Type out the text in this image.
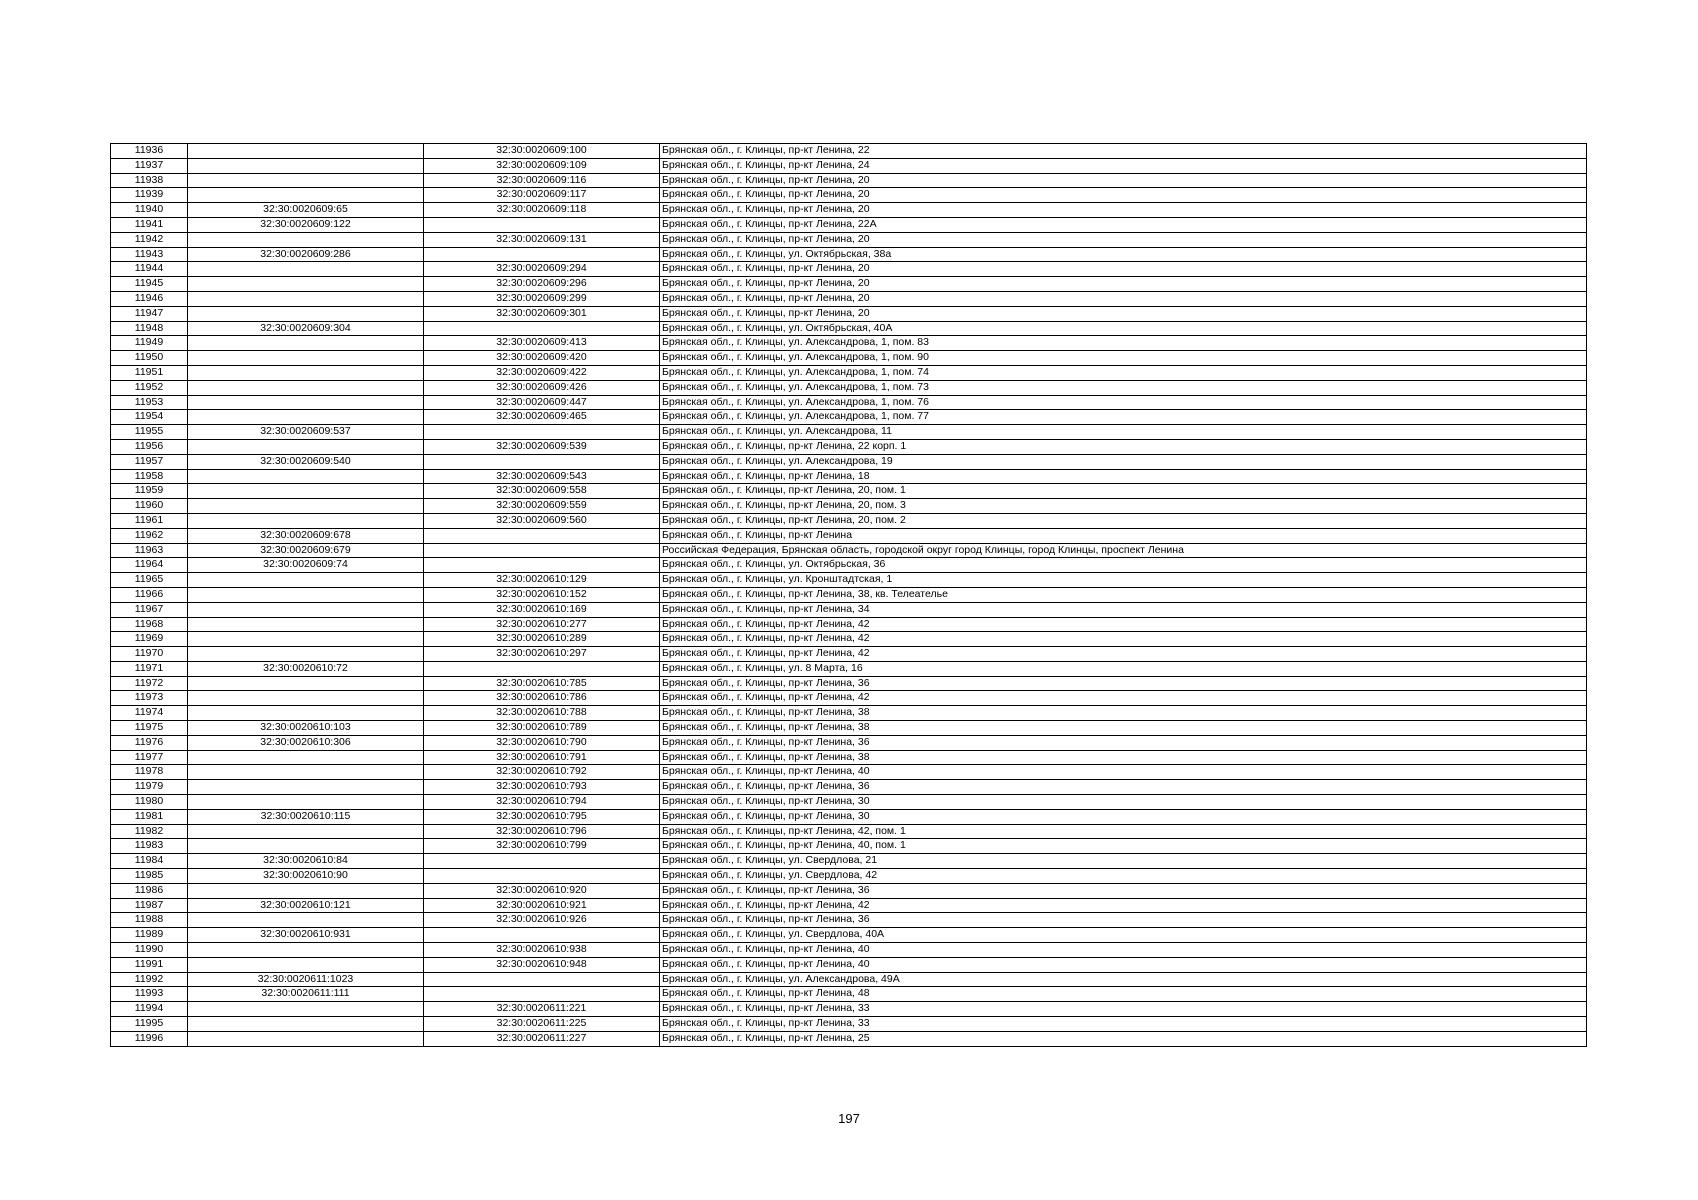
11936		32:30:0020609:100	Брянская обл., г. Клинцы, пр-кт Ленина, 22
11937		32:30:0020609:109	Брянская обл., г. Клинцы, пр-кт Ленина, 24
11938		32:30:0020609:116	Брянская обл., г. Клинцы, пр-кт Ленина, 20
11939		32:30:0020609:117	Брянская обл., г. Клинцы, пр-кт Ленина, 20
11940	32:30:0020609:65	32:30:0020609:118	Брянская обл., г. Клинцы, пр-кт Ленина, 20
11941	32:30:0020609:122		Брянская обл., г. Клинцы, пр-кт Ленина, 22А
11942		32:30:0020609:131	Брянская обл., г. Клинцы, пр-кт Ленина, 20
11943	32:30:0020609:286		Брянская обл., г. Клинцы, ул. Октябрьская, 38а
11944		32:30:0020609:294	Брянская обл., г. Клинцы, пр-кт Ленина, 20
11945		32:30:0020609:296	Брянская обл., г. Клинцы, пр-кт Ленина, 20
11946		32:30:0020609:299	Брянская обл., г. Клинцы, пр-кт Ленина, 20
11947		32:30:0020609:301	Брянская обл., г. Клинцы, пр-кт Ленина, 20
11948	32:30:0020609:304		Брянская обл., г. Клинцы, ул. Октябрьская, 40А
11949		32:30:0020609:413	Брянская обл., г. Клинцы, ул. Александрова, 1, пом. 83
11950		32:30:0020609:420	Брянская обл., г. Клинцы, ул. Александрова, 1, пом. 90
11951		32:30:0020609:422	Брянская обл., г. Клинцы, ул. Александрова, 1, пом. 74
11952		32:30:0020609:426	Брянская обл., г. Клинцы, ул. Александрова, 1, пом. 73
11953		32:30:0020609:447	Брянская обл., г. Клинцы, ул. Александрова, 1, пом. 76
11954		32:30:0020609:465	Брянская обл., г. Клинцы, ул. Александрова, 1, пом. 77
11955	32:30:0020609:537		Брянская обл., г. Клинцы, ул. Александрова, 11
11956		32:30:0020609:539	Брянская обл., г. Клинцы, пр-кт Ленина, 22 корп. 1
11957	32:30:0020609:540		Брянская обл., г. Клинцы, ул. Александрова, 19
11958		32:30:0020609:543	Брянская обл., г. Клинцы, пр-кт Ленина, 18
11959		32:30:0020609:558	Брянская обл., г. Клинцы, пр-кт Ленина, 20, пом. 1
11960		32:30:0020609:559	Брянская обл., г. Клинцы, пр-кт Ленина, 20, пом. 3
11961		32:30:0020609:560	Брянская обл., г. Клинцы, пр-кт Ленина, 20, пом. 2
11962	32:30:0020609:678		Брянская обл., г. Клинцы, пр-кт Ленина
11963	32:30:0020609:679		Российская Федерация, Брянская область, городской округ город Клинцы, город Клинцы, проспект Ленина
11964	32:30:0020609:74		Брянская обл., г. Клинцы, ул. Октябрьская, 36
11965		32:30:0020610:129	Брянская обл., г. Клинцы, ул. Кронштадтская, 1
11966		32:30:0020610:152	Брянская обл., г. Клинцы, пр-кт Ленина, 38, кв. Телеателье
11967		32:30:0020610:169	Брянская обл., г. Клинцы, пр-кт Ленина, 34
11968		32:30:0020610:277	Брянская обл., г. Клинцы, пр-кт Ленина, 42
11969		32:30:0020610:289	Брянская обл., г. Клинцы, пр-кт Ленина, 42
11970		32:30:0020610:297	Брянская обл., г. Клинцы, пр-кт Ленина, 42
11971	32:30:0020610:72		Брянская обл., г. Клинцы, ул. 8 Марта, 16
11972		32:30:0020610:785	Брянская обл., г. Клинцы, пр-кт Ленина, 36
11973		32:30:0020610:786	Брянская обл., г. Клинцы, пр-кт Ленина, 42
11974		32:30:0020610:788	Брянская обл., г. Клинцы, пр-кт Ленина, 38
11975	32:30:0020610:103	32:30:0020610:789	Брянская обл., г. Клинцы, пр-кт Ленина, 38
11976	32:30:0020610:306	32:30:0020610:790	Брянская обл., г. Клинцы, пр-кт Ленина, 36
11977		32:30:0020610:791	Брянская обл., г. Клинцы, пр-кт Ленина, 38
11978		32:30:0020610:792	Брянская обл., г. Клинцы, пр-кт Ленина, 40
11979		32:30:0020610:793	Брянская обл., г. Клинцы, пр-кт Ленина, 36
11980		32:30:0020610:794	Брянская обл., г. Клинцы, пр-кт Ленина, 30
11981	32:30:0020610:115	32:30:0020610:795	Брянская обл., г. Клинцы, пр-кт Ленина, 30
11982		32:30:0020610:796	Брянская обл., г. Клинцы, пр-кт Ленина, 42, пом. 1
11983		32:30:0020610:799	Брянская обл., г. Клинцы, пр-кт Ленина, 40, пом. 1
11984	32:30:0020610:84		Брянская обл., г. Клинцы, ул. Свердлова, 21
11985	32:30:0020610:90		Брянская обл., г. Клинцы, ул. Свердлова, 42
11986		32:30:0020610:920	Брянская обл., г. Клинцы, пр-кт Ленина, 36
11987	32:30:0020610:121	32:30:0020610:921	Брянская обл., г. Клинцы, пр-кт Ленина, 42
11988		32:30:0020610:926	Брянская обл., г. Клинцы, пр-кт Ленина, 36
11989	32:30:0020610:931		Брянская обл., г. Клинцы, ул. Свердлова, 40А
11990		32:30:0020610:938	Брянская обл., г. Клинцы, пр-кт Ленина, 40
11991		32:30:0020610:948	Брянская обл., г. Клинцы, пр-кт Ленина, 40
11992	32:30:0020611:1023		Брянская обл., г. Клинцы, ул. Александрова, 49А
11993	32:30:0020611:111		Брянская обл., г. Клинцы, пр-кт Ленина, 48
11994		32:30:0020611:221	Брянская обл., г. Клинцы, пр-кт Ленина, 33
11995		32:30:0020611:225	Брянская обл., г. Клинцы, пр-кт Ленина, 33
11996		32:30:0020611:227	Брянская обл., г. Клинцы, пр-кт Ленина, 25
197
